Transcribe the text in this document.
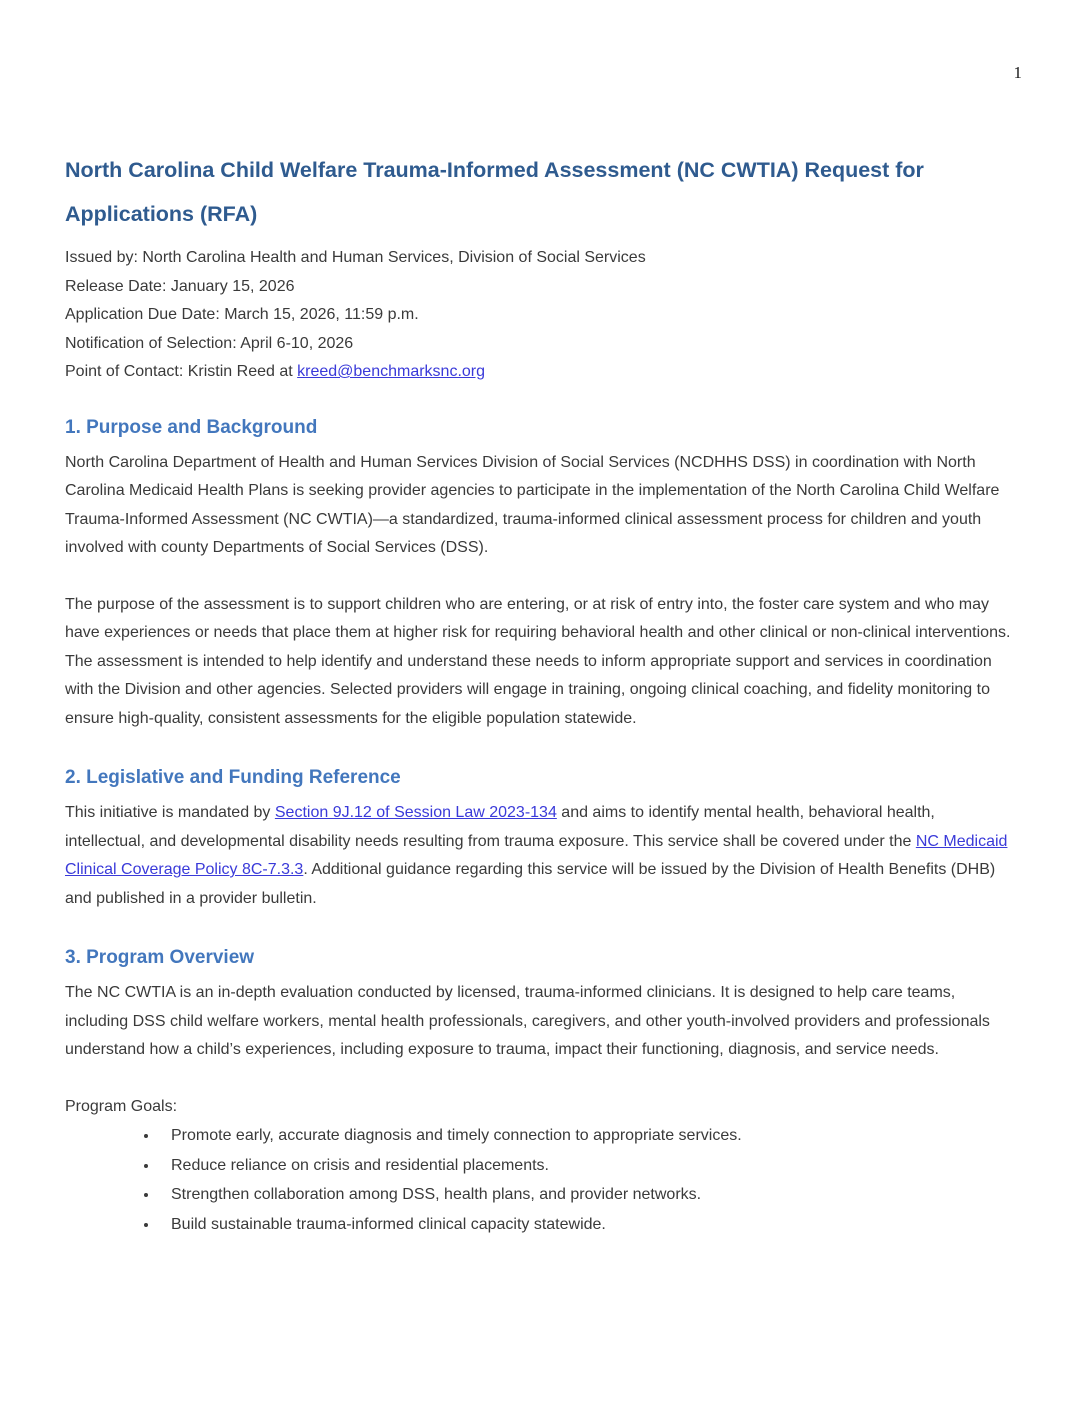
1
North Carolina Child Welfare Trauma-Informed Assessment (NC CWTIA) Request for Applications (RFA)

Issued by: North Carolina Health and Human Services, Division of Social Services

Release Date: January 15, 2026

Application Due Date: March 15, 2026, 11:59 p.m.

Notification of Selection: April 6-10, 2026

Point of Contact: Kristin Reed at kreed@benchmarksnc.org

1. Purpose and Background

North Carolina Department of Health and Human Services Division of Social Services (NCDHHS DSS) in coordination with North Carolina Medicaid Health Plans is seeking provider agencies to participate in the implementation of the North Carolina Child Welfare Trauma-Informed Assessment (NC CWTIA)—a standardized, trauma-informed clinical assessment process for children and youth involved with county Departments of Social Services (DSS).

The purpose of the assessment is to support children who are entering, or at risk of entry into, the foster care system and who may have experiences or needs that place them at higher risk for requiring behavioral health and other clinical or non-clinical interventions. The assessment is intended to help identify and understand these needs to inform appropriate support and services in coordination with the Division and other agencies. Selected providers will engage in training, ongoing clinical coaching, and fidelity monitoring to ensure high-quality, consistent assessments for the eligible population statewide.

2. Legislative and Funding Reference

This initiative is mandated by Section 9J.12 of Session Law 2023-134 and aims to identify mental health, behavioral health, intellectual, and developmental disability needs resulting from trauma exposure. This service shall be covered under the NC Medicaid Clinical Coverage Policy 8C-7.3.3. Additional guidance regarding this service will be issued by the Division of Health Benefits (DHB) and published in a provider bulletin.

3. Program Overview

The NC CWTIA is an in-depth evaluation conducted by licensed, trauma-informed clinicians. It is designed to help care teams, including DSS child welfare workers, mental health professionals, caregivers, and other youth-involved providers and professionals understand how a child’s experiences, including exposure to trauma, impact their functioning, diagnosis, and service needs.

Program Goals:

• Promote early, accurate diagnosis and timely connection to appropriate services.
• Reduce reliance on crisis and residential placements.
• Strengthen collaboration among DSS, health plans, and provider networks.
• Build sustainable trauma-informed clinical capacity statewide.
